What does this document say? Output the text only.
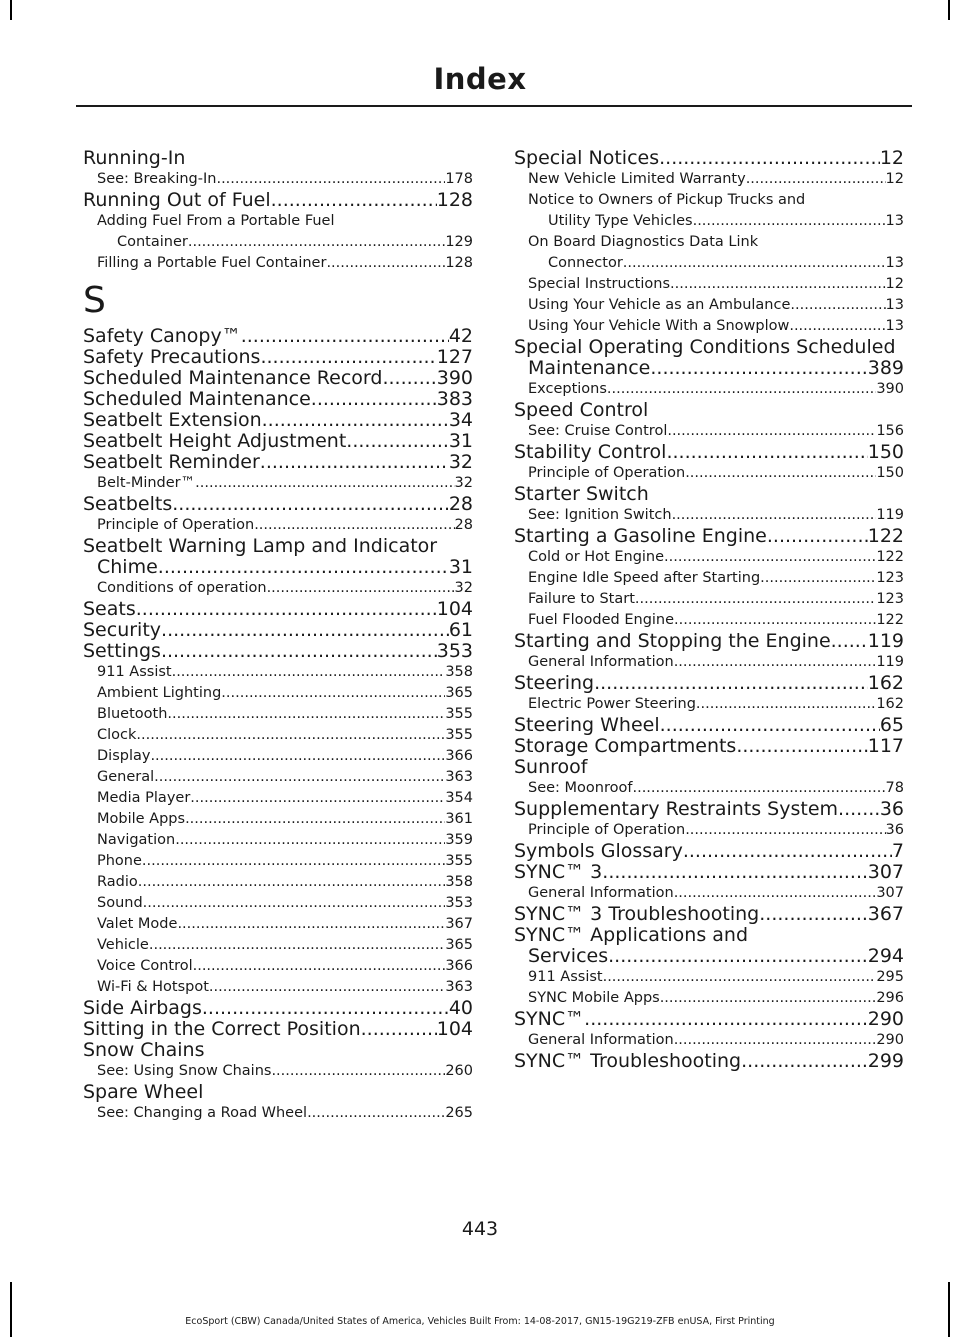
Index
Running-In
See: Breaking-In .....	178
Running Out of Fuel .....	128
Adding Fuel From a Portable Fuel
Container .....	129
Filling a Portable Fuel Container .....	128
S
Safety Canopy™ .....	42
Safety Precautions .....	127
Scheduled Maintenance Record .....	390
Scheduled Maintenance .....	383
Seatbelt Extension .....	34
Seatbelt Height Adjustment .....	31
Seatbelt Reminder .....	32
Belt-Minder™ .....	32
Seatbelts .....	28
Principle of Operation .....	28
Seatbelt Warning Lamp and Indicator
Chime .....	31
Conditions of operation .....	32
Seats .....	104
Security .....	61
Settings .....	353
911 Assist .....	358
Ambient Lighting .....	365
Bluetooth .....	355
Clock .....	355
Display .....	366
General .....	363
Media Player .....	354
Mobile Apps .....	361
Navigation .....	359
Phone .....	355
Radio .....	358
Sound .....	353
Valet Mode .....	367
Vehicle .....	365
Voice Control .....	366
Wi-Fi & Hotspot .....	363
Side Airbags .....	40
Sitting in the Correct Position .....	104
Snow Chains
See: Using Snow Chains .....	260
Spare Wheel
See: Changing a Road Wheel .....	265
Special Notices .....	12
New Vehicle Limited Warranty .....	12
Notice to Owners of Pickup Trucks and
Utility Type Vehicles .....	13
On Board Diagnostics Data Link
Connector .....	13
Special Instructions .....	12
Using Your Vehicle as an Ambulance .....	13
Using Your Vehicle With a Snowplow .....	13
Special Operating Conditions Scheduled
Maintenance .....	389
Exceptions .....	390
Speed Control
See: Cruise Control .....	156
Stability Control .....	150
Principle of Operation .....	150
Starter Switch
See: Ignition Switch .....	119
Starting a Gasoline Engine .....	122
Cold or Hot Engine .....	122
Engine Idle Speed after Starting .....	123
Failure to Start .....	123
Fuel Flooded Engine .....	122
Starting and Stopping the Engine ..... 119
General Information .....	119
Steering .....	162
Electric Power Steering .....	162
Steering Wheel .....	65
Storage Compartments .....	117
Sunroof
See: Moonroof .....	78
Supplementary Restraints System ..... 36
Principle of Operation .....	36
Symbols Glossary .....	7
SYNC™ 3 .....	307
General Information .....	307
SYNC™ 3 Troubleshooting .....	367
SYNC™ Applications and
Services .....	294
911 Assist .....	295
SYNC Mobile Apps .....	296
SYNC™ .....	290
General Information .....	290
SYNC™ Troubleshooting .....	299
443
EcoSport (CBW) Canada/United States of America, Vehicles Built From: 14-08-2017, GN15-19G219-ZFB enUSA, First Printing
